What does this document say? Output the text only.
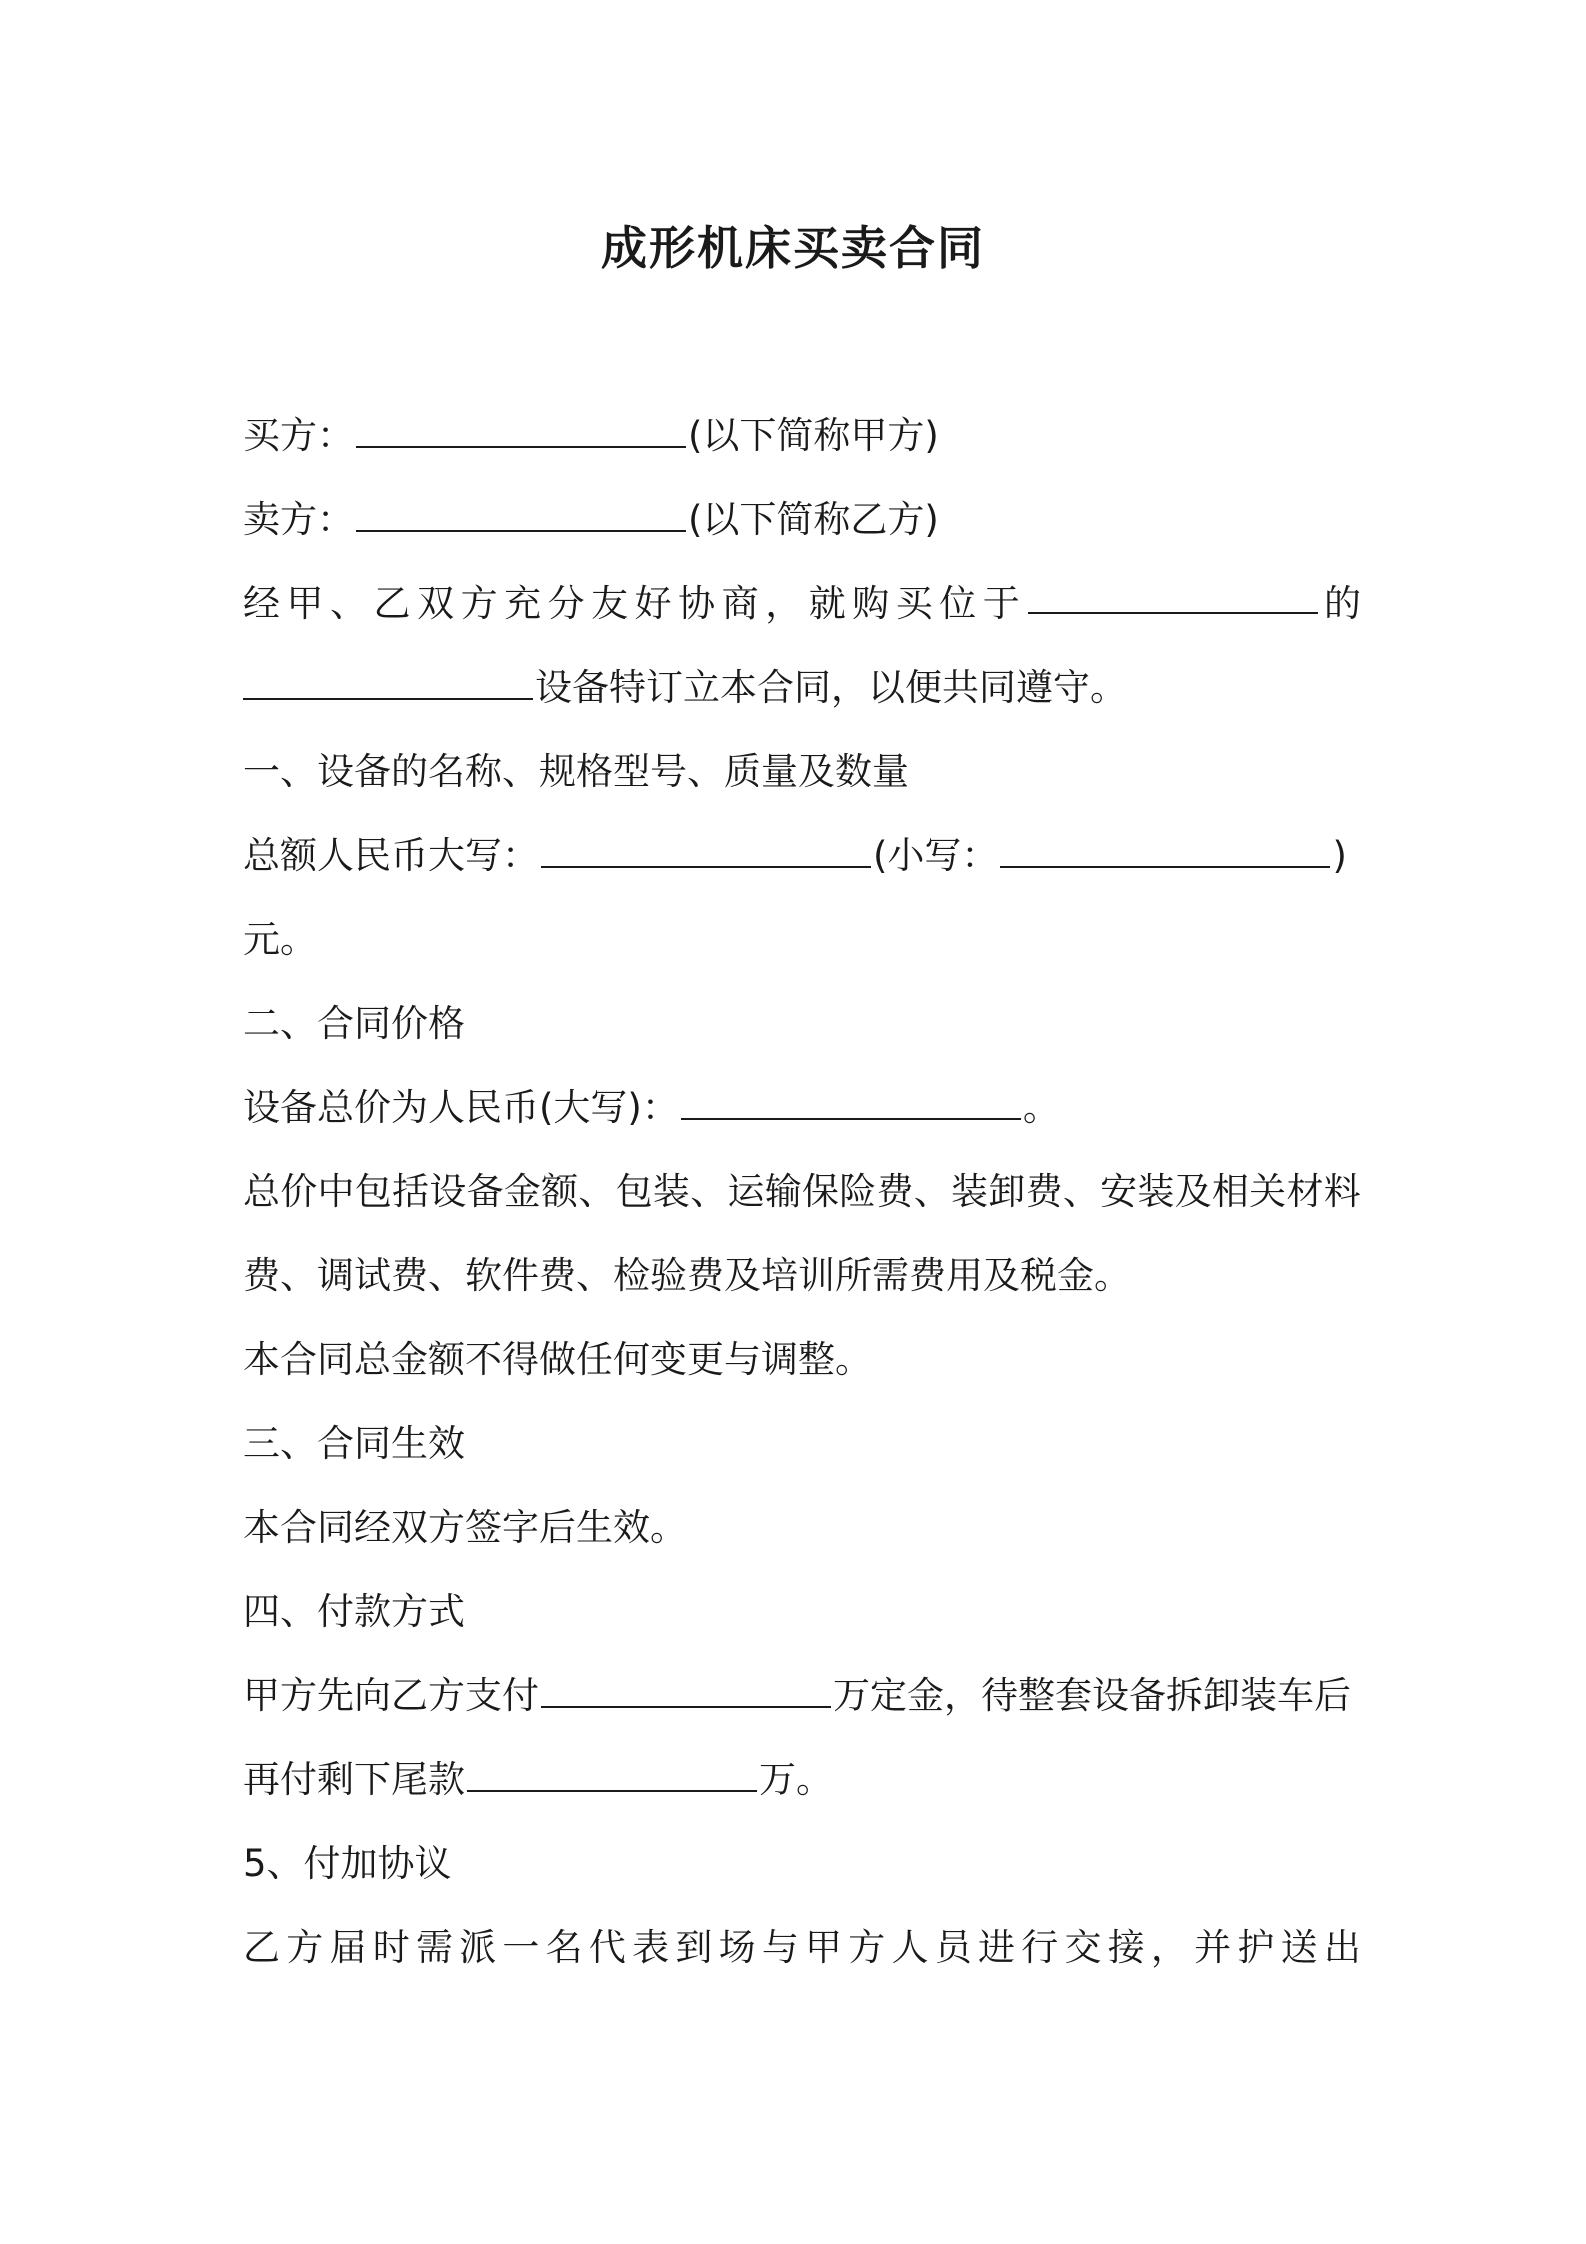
成形机床买卖合同
买方：	(以下简称甲方)
卖方：	(以下简称乙方)
经 甲 、 乙 双 方 充 分 友 好 协 商 ， 就 购 买 位 于	的
设备特订立本合同，以便共同遵守。
一、设备的名称、规格型号、质量及数量
总额人民币大写：	(小写：	)
元。
二、合同价格
设备总价为人民币(大写)：	。
总 价 中 包 括 设 备 金 额 、 包 装 、 运 输 保 险 费 、 装 卸 费 、 安 装 及 相 关 材 料
费、调试费、软件费、检验费及培训所需费用及税金。
本合同总金额不得做任何变更与调整。
三、合同生效
本合同经双方签字后生效。
四、付款方式
甲方先向乙方支付	万定金，待整套设备拆卸装车后
再付剩下尾款	万。
5、付加协议
乙 方 届 时 需 派 一 名 代 表 到 场 与 甲 方 人 员 进 行 交 接 ， 并 护 送 出
